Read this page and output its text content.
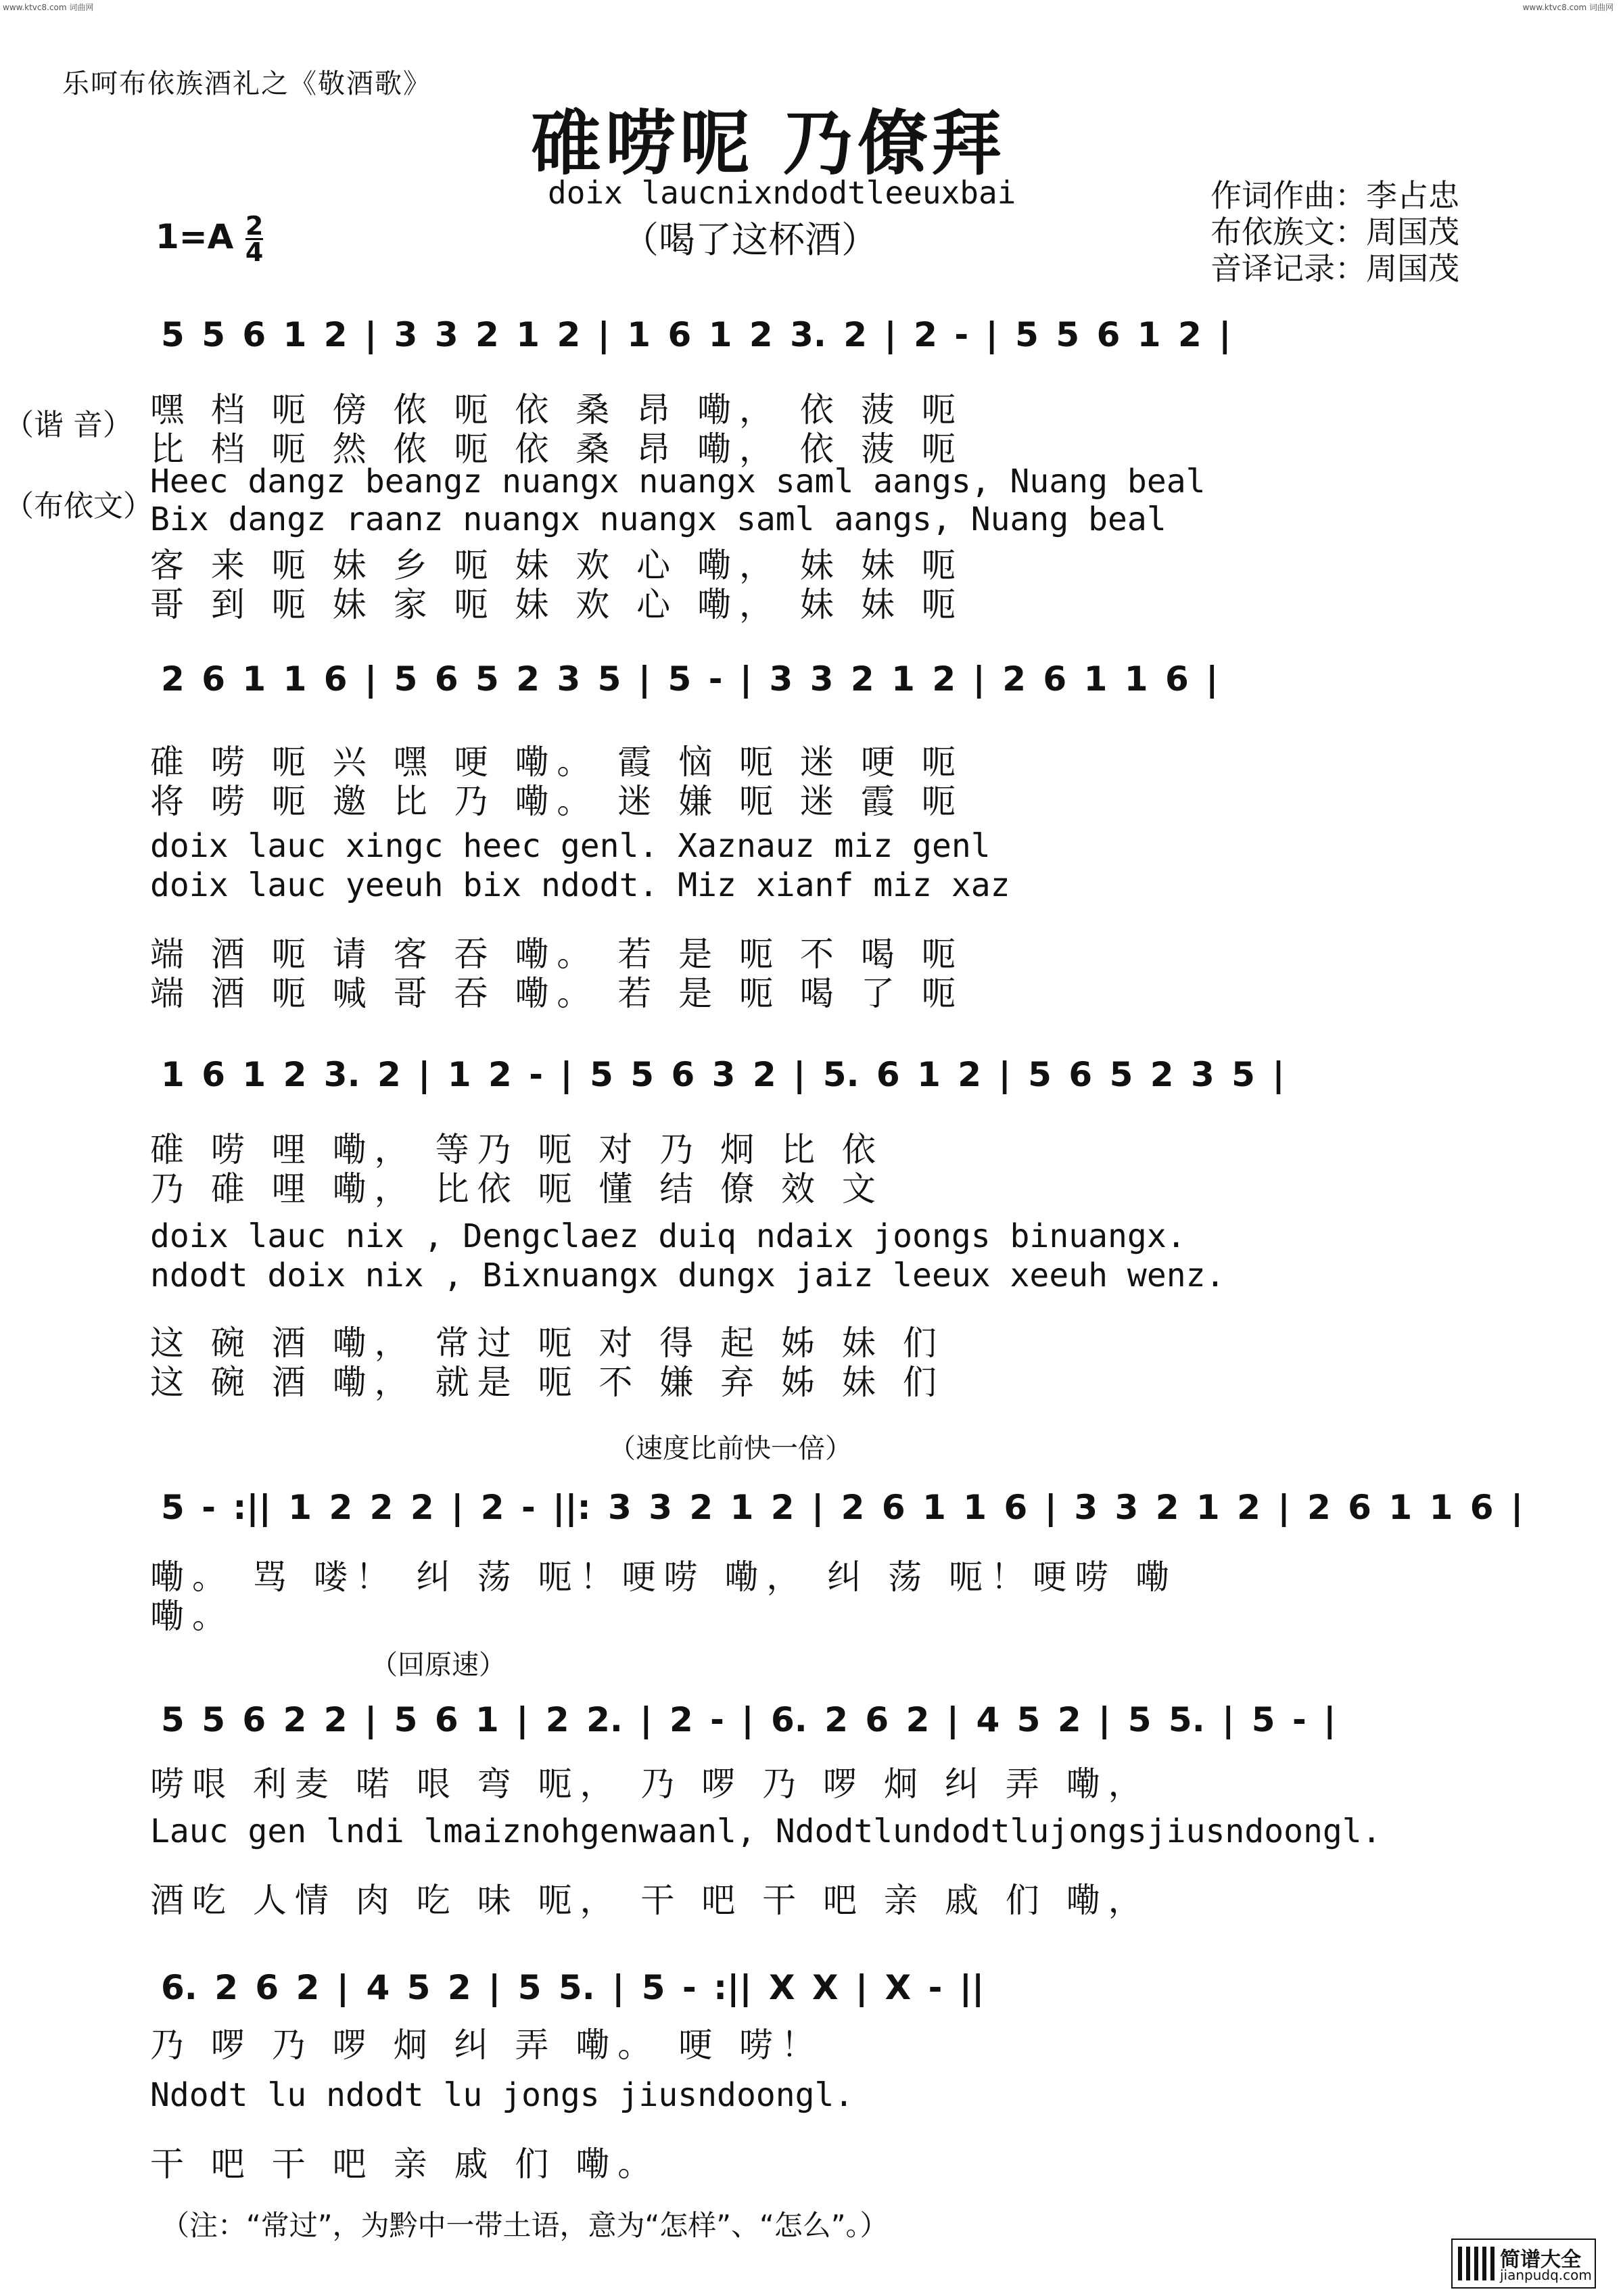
www.ktvc8.com 词曲网	www.ktvc8.com 词曲网
乐呵布依族酒礼之《敬酒歌》
碓唠呢 乃僚拜
doix laucnixndodtleeuxbai
（喝了这杯酒）
$1=A \frac{2}{4}$
作词作曲：李占忠
布依族文：周国茂
音译记录：周国茂
（谐 音）
（布依文）
5 5 6 1 2 | 3 3 2 1 2 | 1 6 1 2 3. 2 | 2 - | 5 5 6 1 2 |
嘿 档 呃 傍 侬 呃 依 桑 昂 嘞， 依 菠 呃
比 档 呃 然 侬 呃 依 桑 昂 嘞， 依 菠 呃
Heec dangz beangz nuangx nuangx saml aangs, Nuang beal
Bix dangz raanz nuangx nuangx saml aangs, Nuang beal
客 来 呃 妹 乡 呃 妹 欢 心 嘞， 妹 妹 呃
哥 到 呃 妹 家 呃 妹 欢 心 嘞， 妹 妹 呃
2 6 1 1 6 | 5 6 5 2 3 5 | 5 - | 3 3 2 1 2 | 2 6 1 1 6 |
碓 唠 呃 兴 嘿 哽 嘞。 霞 恼 呃 迷 哽 呃
将 唠 呃 邀 比 乃 嘞。 迷 嫌 呃 迷 霞 呃
doix lauc xingc heec genl. Xaznauz miz genl
doix lauc yeeuh bix ndodt. Miz xianf miz xaz
端 酒 呃 请 客 吞 嘞。 若 是 呃 不 喝 呃
端 酒 呃 喊 哥 吞 嘞。 若 是 呃 喝 了 呃
1 6 1 2 3. 2 | 1 2 - | 5 5 6 3 2 | 5. 6 1 2 | 5 6 5 2 3 5 |
碓 唠 哩 嘞， 等乃 呃 对 乃 炯 比 依
乃 碓 哩 嘞， 比依 呃 懂 结 僚 效 文
doix lauc nix , Dengclaez duiq ndaix joongs binuangx.
ndodt doix nix , Bixnuangx dungx jaiz leeux xeeuh wenz.
这 碗 酒 嘞， 常过 呃 对 得 起 姊 妹 们
这 碗 酒 嘞， 就是 呃 不 嫌 弃 姊 妹 们
（速度比前快一倍）
5 - :|| 1 2 2 2 | 2 - ||: 3 3 2 1 2 | 2 6 1 1 6 | 3 3 2 1 2 | 2 6 1 1 6 |
嘞。 骂 喽！ 纠 荡 呃！哽唠 嘞， 纠 荡 呃！哽唠 嘞
嘞。
（回原速）
5 5 6 2 2 | 5 6 1 | 2 2. | 2 - | 6. 2 6 2 | 4 5 2 | 5 5. | 5 - |
唠哏 利麦 喏 哏 弯 呃， 乃 啰 乃 啰 炯 纠 弄 嘞，
Lauc gen lndi lmaiznohgenwaanl, Ndodtlundodtlujongsjiusndoongl.
酒吃 人情 肉 吃 味 呃， 干 吧 干 吧 亲 戚 们 嘞，
6. 2 6 2 | 4 5 2 | 5 5. | 5 - :|| X X | X - ||
乃 啰 乃 啰 炯 纠 弄 嘞。 哽 唠！
Ndodt lu ndodt lu jongs jiusndoongl.
干 吧 干 吧 亲 戚 们 嘞。
（注：“常过”，为黔中一带土语，意为“怎样”、“怎么”。）
简谱大全
jianpudq.com
